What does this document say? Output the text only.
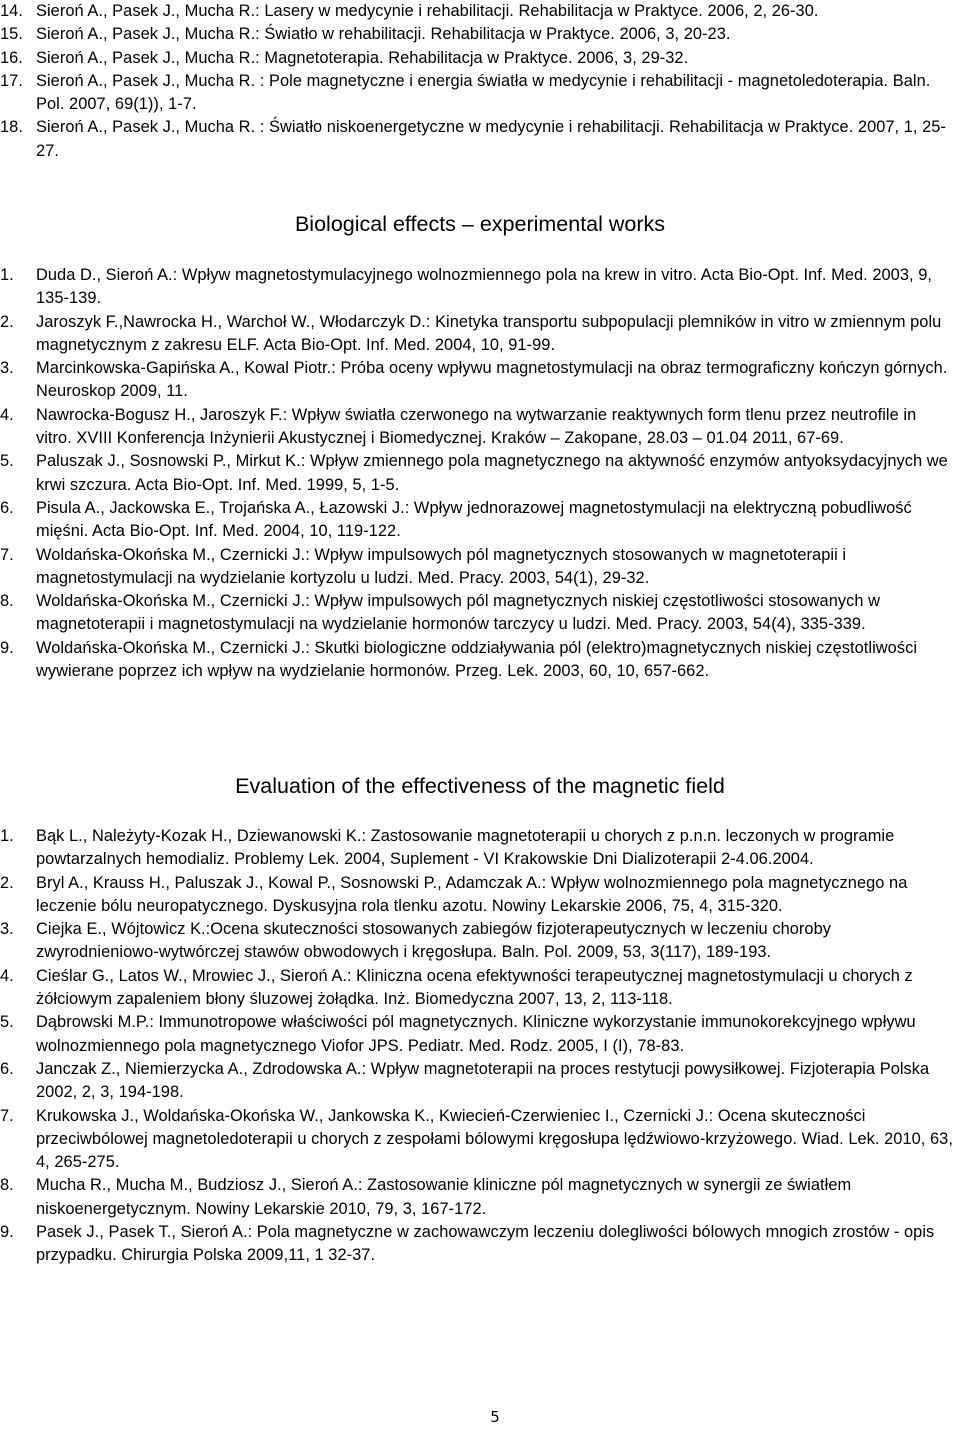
14. Sieroń A., Pasek J., Mucha R.: Lasery w medycynie i rehabilitacji. Rehabilitacja w Praktyce. 2006, 2, 26-30.
15. Sieroń A., Pasek J., Mucha R.: Światło w rehabilitacji. Rehabilitacja w Praktyce. 2006, 3, 20-23.
16. Sieroń A., Pasek J., Mucha R.: Magnetoterapia. Rehabilitacja w Praktyce. 2006, 3, 29-32.
17. Sieroń A., Pasek J., Mucha R. : Pole magnetyczne i energia światła w medycynie i rehabilitacji - magnetoledoterapia. Baln. Pol. 2007, 69(1)), 1-7.
18. Sieroń A., Pasek J., Mucha R. : Światło niskoenergetyczne w medycynie i rehabilitacji. Rehabilitacja w Praktyce. 2007, 1, 25-27.
Biological effects – experimental works
1. Duda D., Sieroń A.: Wpływ magnetostymulacyjnego wolnozmiennego pola na krew in vitro. Acta Bio-Opt. Inf. Med. 2003, 9, 135-139.
2. Jaroszyk F.,Nawrocka H., Warchoł W., Włodarczyk D.: Kinetyka transportu subpopulacji plemników in vitro w zmiennym polu magnetycznym z zakresu ELF. Acta Bio-Opt. Inf. Med. 2004, 10, 91-99.
3. Marcinkowska-Gapińska A., Kowal Piotr.: Próba oceny wpływu magnetostymulacji na obraz termograficzny kończyn górnych. Neuroskop 2009, 11.
4. Nawrocka-Bogusz H., Jaroszyk F.: Wpływ światła czerwonego na wytwarzanie reaktywnych form tlenu przez neutrofile in vitro. XVIII Konferencja Inżynierii Akustycznej i Biomedycznej. Kraków – Zakopane, 28.03 – 01.04 2011, 67-69.
5. Paluszak J., Sosnowski P., Mirkut K.: Wpływ zmiennego pola magnetycznego na aktywność enzymów antyoksydacyjnych we krwi szczura. Acta Bio-Opt. Inf. Med. 1999, 5, 1-5.
6. Pisula A., Jackowska E., Trojańska A., Łazowski J.: Wpływ jednorazowej magnetostymulacji na elektryczną pobudliwość mięśni. Acta Bio-Opt. Inf. Med. 2004, 10, 119-122.
7. Woldańska-Okońska M., Czernicki J.: Wpływ impulsowych pól magnetycznych stosowanych w magnetoterapii i magnetostymulacji na wydzielanie kortyzolu u ludzi. Med. Pracy. 2003, 54(1), 29-32.
8. Woldańska-Okońska M., Czernicki J.: Wpływ impulsowych pól magnetycznych niskiej częstotliwości stosowanych w magnetoterapii i magnetostymulacji na wydzielanie hormonów tarczycy u ludzi. Med. Pracy. 2003, 54(4), 335-339.
9. Woldańska-Okońska M., Czernicki J.: Skutki biologiczne oddziaływania pól (elektro)magnetycznych niskiej częstotliwości wywierane poprzez ich wpływ na wydzielanie hormonów. Przeg. Lek. 2003, 60, 10, 657-662.
Evaluation of the effectiveness of the magnetic field
1. Bąk L., Należyty-Kozak H., Dziewanowski K.: Zastosowanie magnetoterapii u chorych z p.n.n. leczonych w programie powtarzalnych hemodializ. Problemy Lek. 2004, Suplement - VI Krakowskie Dni Dializoterapii 2-4.06.2004.
2. Bryl A., Krauss H., Paluszak J., Kowal P., Sosnowski P., Adamczak A.: Wpływ wolnozmiennego pola magnetycznego na leczenie bólu neuropatycznego. Dyskusyjna rola tlenku azotu. Nowiny Lekarskie 2006, 75, 4, 315-320.
3. Ciejka E., Wójtowicz K.:Ocena skuteczności stosowanych zabiegów fizjoterapeutycznych w leczeniu choroby zwyrodnieniowo-wytwórczej stawów obwodowych i kręgosłupa. Baln. Pol. 2009, 53, 3(117), 189-193.
4. Cieślar G., Latos W., Mrowiec J., Sieroń A.: Kliniczna ocena efektywności terapeutycznej magnetostymulacji u chorych z żółciowym zapaleniem błony śluzowej żołądka. Inż. Biomedyczna 2007, 13, 2, 113-118.
5. Dąbrowski M.P.: Immunotropowe właściwości pól magnetycznych. Kliniczne wykorzystanie immunokorekcyjnego wpływu wolnozmiennego pola magnetycznego Viofor JPS. Pediatr. Med. Rodz. 2005, I (I), 78-83.
6. Janczak Z., Niemierzycka A., Zdrodowska A.: Wpływ magnetoterapii na proces restytucji powysiłkowej. Fizjoterapia Polska 2002, 2, 3, 194-198.
7. Krukowska J., Woldańska-Okońska W., Jankowska K., Kwiecień-Czerwieniec I., Czernicki J.: Ocena skuteczności przeciwbólowej magnetoledoterapii u chorych z zespołami bólowymi kręgosłupa lędźwiowo-krzyżowego. Wiad. Lek. 2010, 63, 4, 265-275.
8. Mucha R., Mucha M., Budziosz J., Sieroń A.: Zastosowanie kliniczne pól magnetycznych w synergii ze światłem niskoenergetycznym. Nowiny Lekarskie 2010, 79, 3, 167-172.
9. Pasek J., Pasek T., Sieroń A.: Pola magnetyczne w zachowawczym leczeniu dolegliwości bólowych mnogich zrostów - opis przypadku. Chirurgia Polska 2009,11, 1 32-37.
5
